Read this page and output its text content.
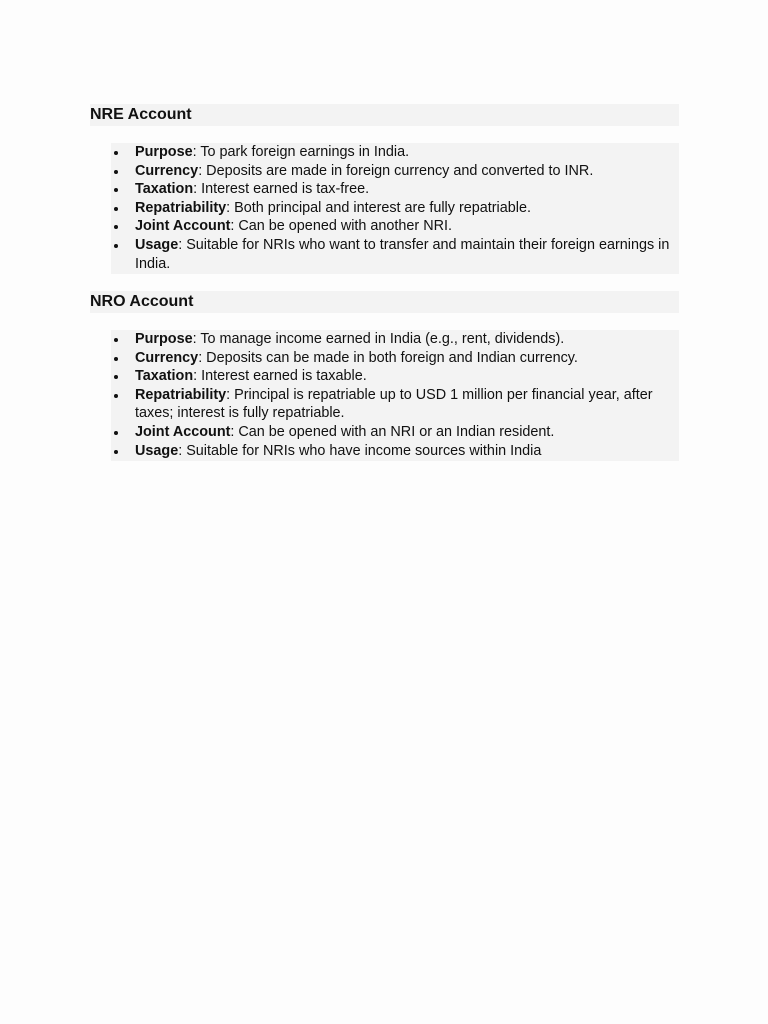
NRE Account
Purpose: To park foreign earnings in India.
Currency: Deposits are made in foreign currency and converted to INR.
Taxation: Interest earned is tax-free.
Repatriability: Both principal and interest are fully repatriable.
Joint Account: Can be opened with another NRI.
Usage: Suitable for NRIs who want to transfer and maintain their foreign earnings in India.
NRO Account
Purpose: To manage income earned in India (e.g., rent, dividends).
Currency: Deposits can be made in both foreign and Indian currency.
Taxation: Interest earned is taxable.
Repatriability: Principal is repatriable up to USD 1 million per financial year, after taxes; interest is fully repatriable.
Joint Account: Can be opened with an NRI or an Indian resident.
Usage: Suitable for NRIs who have income sources within India
